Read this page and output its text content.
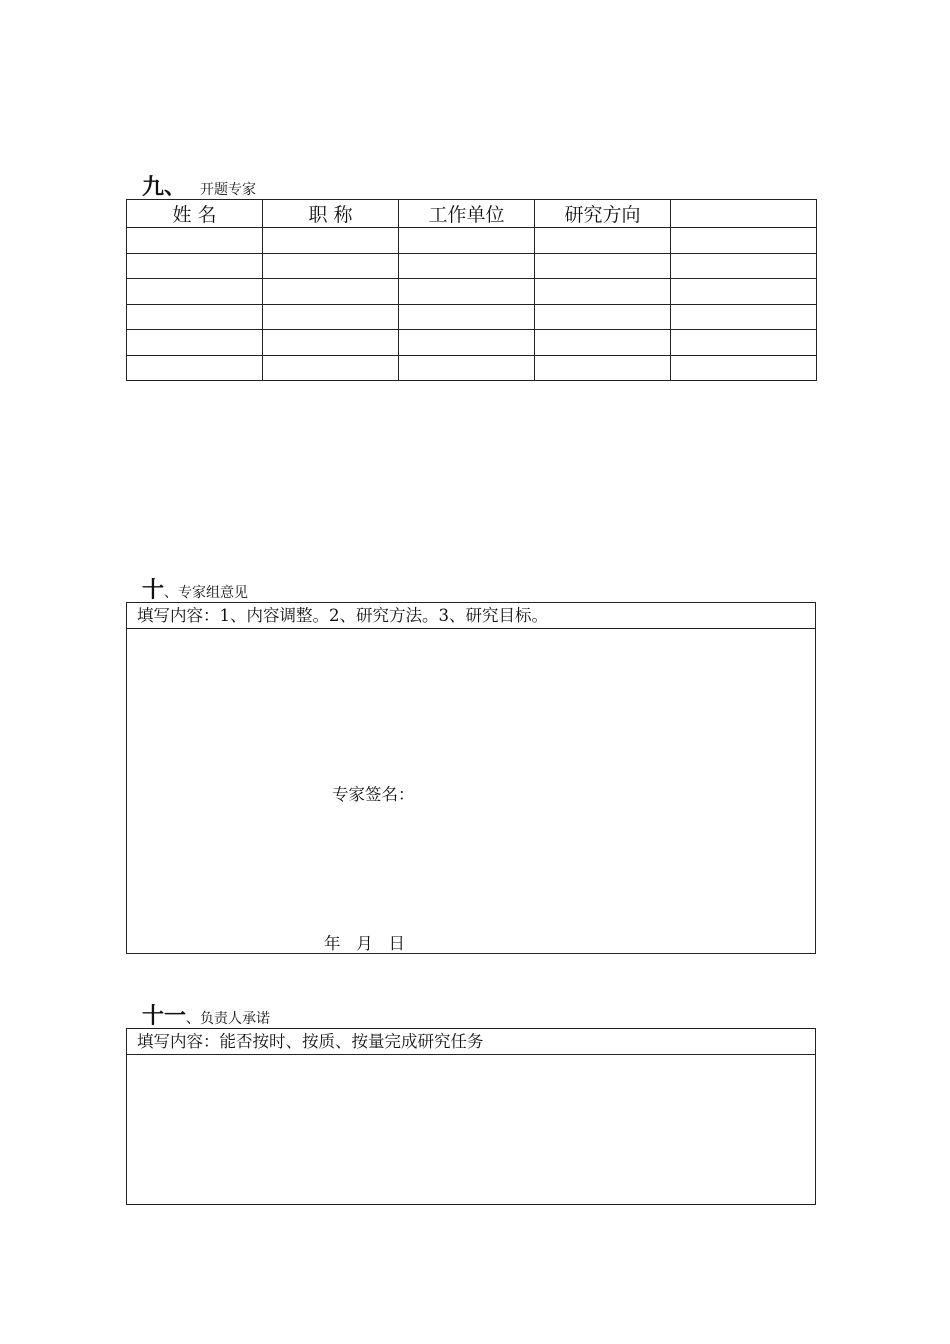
九、 开题专家
姓 名	职 称	工作单位	研究方向	

十、专家组意见
填写内容：1、内容调整。2、研究方法。3、研究目标。
专家签名：
年   月   日
十一、负责人承诺
填写内容：能否按时、按质、按量完成研究任务
